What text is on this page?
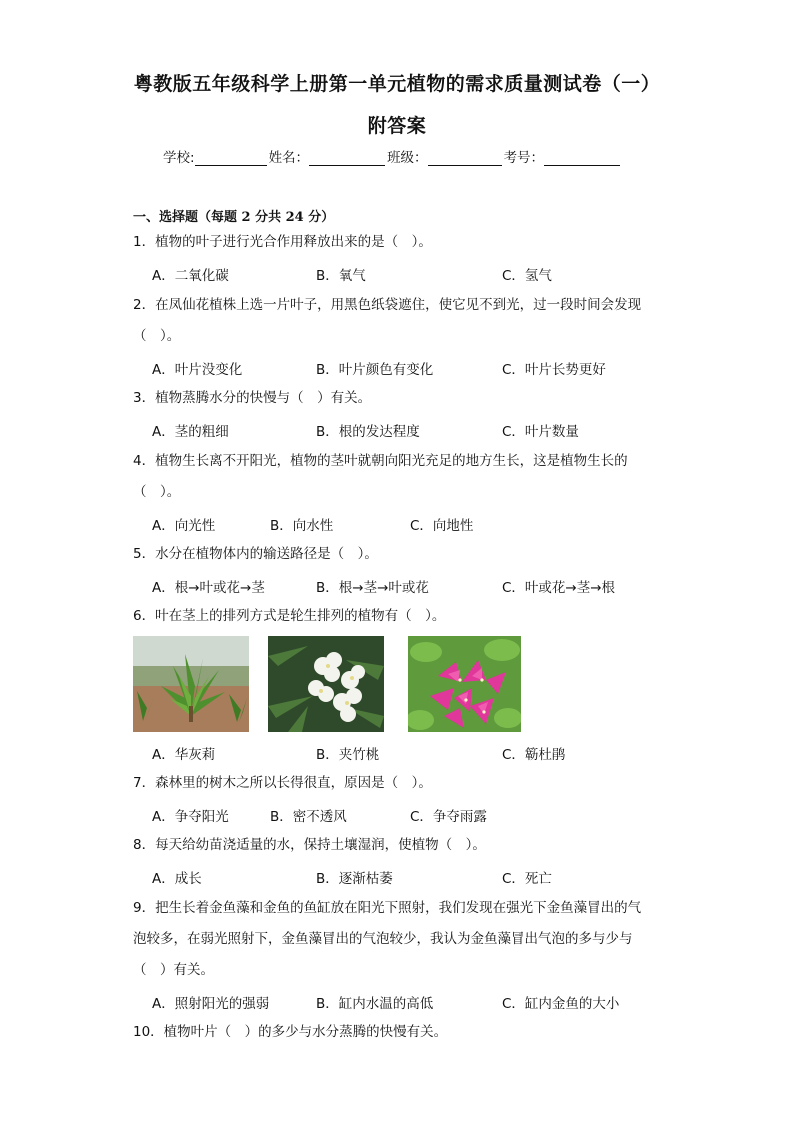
粤教版五年级科学上册第一单元植物的需求质量测试卷（一）
附答案
学校:	姓名：	班级：	考号：
一、选择题（每题 2 分共 24 分）
1．植物的叶子进行光合作用释放出来的是（　）。
A．二氧化碳	B．氧气	C．氢气
2．在凤仙花植株上选一片叶子，用黑色纸袋遮住，使它见不到光，过一段时间会发现
（　）。
A．叶片没变化	B．叶片颜色有变化	C．叶片长势更好
3．植物蒸腾水分的快慢与（　）有关。
A．茎的粗细	B．根的发达程度	C．叶片数量
4．植物生长离不开阳光，植物的茎叶就朝向阳光充足的地方生长，这是植物生长的
（　）。
A．向光性	B．向水性	C．向地性
5．水分在植物体内的输送路径是（　）。
A．根→叶或花→茎	B．根→茎→叶或花	C．叶或花→茎→根
6．叶在茎上的排列方式是轮生排列的植物有（　）。
A．华灰莉	B．夹竹桃	C．簕杜鹃
7．森林里的树木之所以长得很直，原因是（　）。
A．争夺阳光	B．密不透风	C．争夺雨露
8．每天给幼苗浇适量的水，保持土壤湿润，使植物（　）。
A．成长	B．逐渐枯萎	C．死亡
9．把生长着金鱼藻和金鱼的鱼缸放在阳光下照射，我们发现在强光下金鱼藻冒出的气
泡较多，在弱光照射下，金鱼藻冒出的气泡较少，我认为金鱼藻冒出气泡的多与少与
（　）有关。
A．照射阳光的强弱	B．缸内水温的高低	C．缸内金鱼的大小
10．植物叶片（　）的多少与水分蒸腾的快慢有关。
